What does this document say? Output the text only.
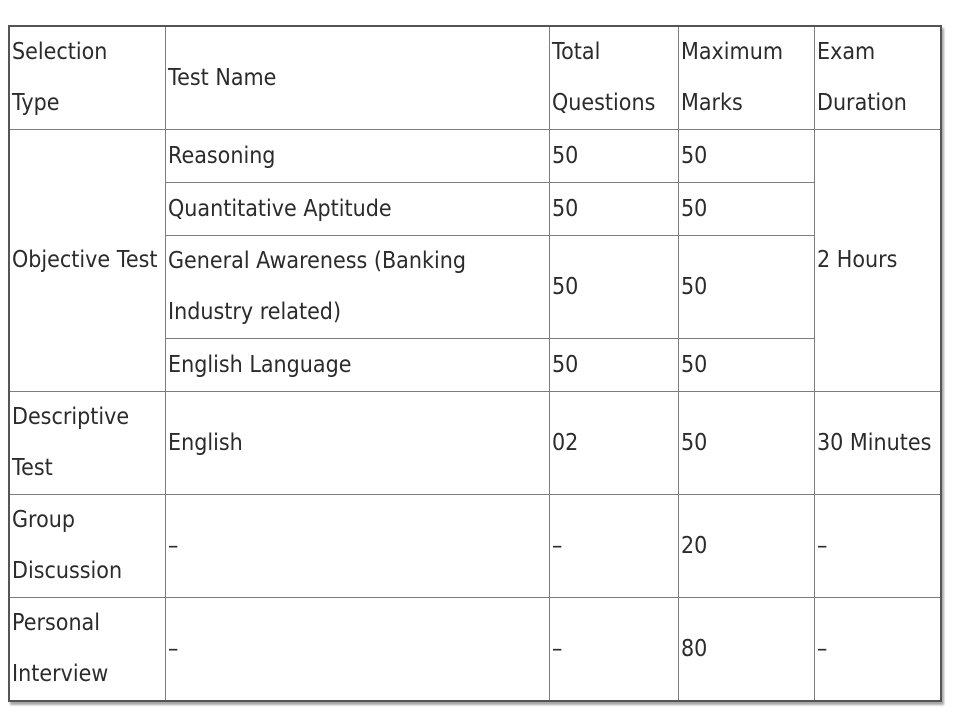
Selection Type	Test Name	Total Questions	Maximum Marks	Exam Duration
Objective Test	Reasoning	50	50	2 Hours
	Quantitative Aptitude	50	50	
	General Awareness (Banking Industry related)	50	50	
	English Language	50	50	
Descriptive Test	English	02	50	30 Minutes
Group Discussion	–	–	20	–
Personal Interview	–	–	80	–
